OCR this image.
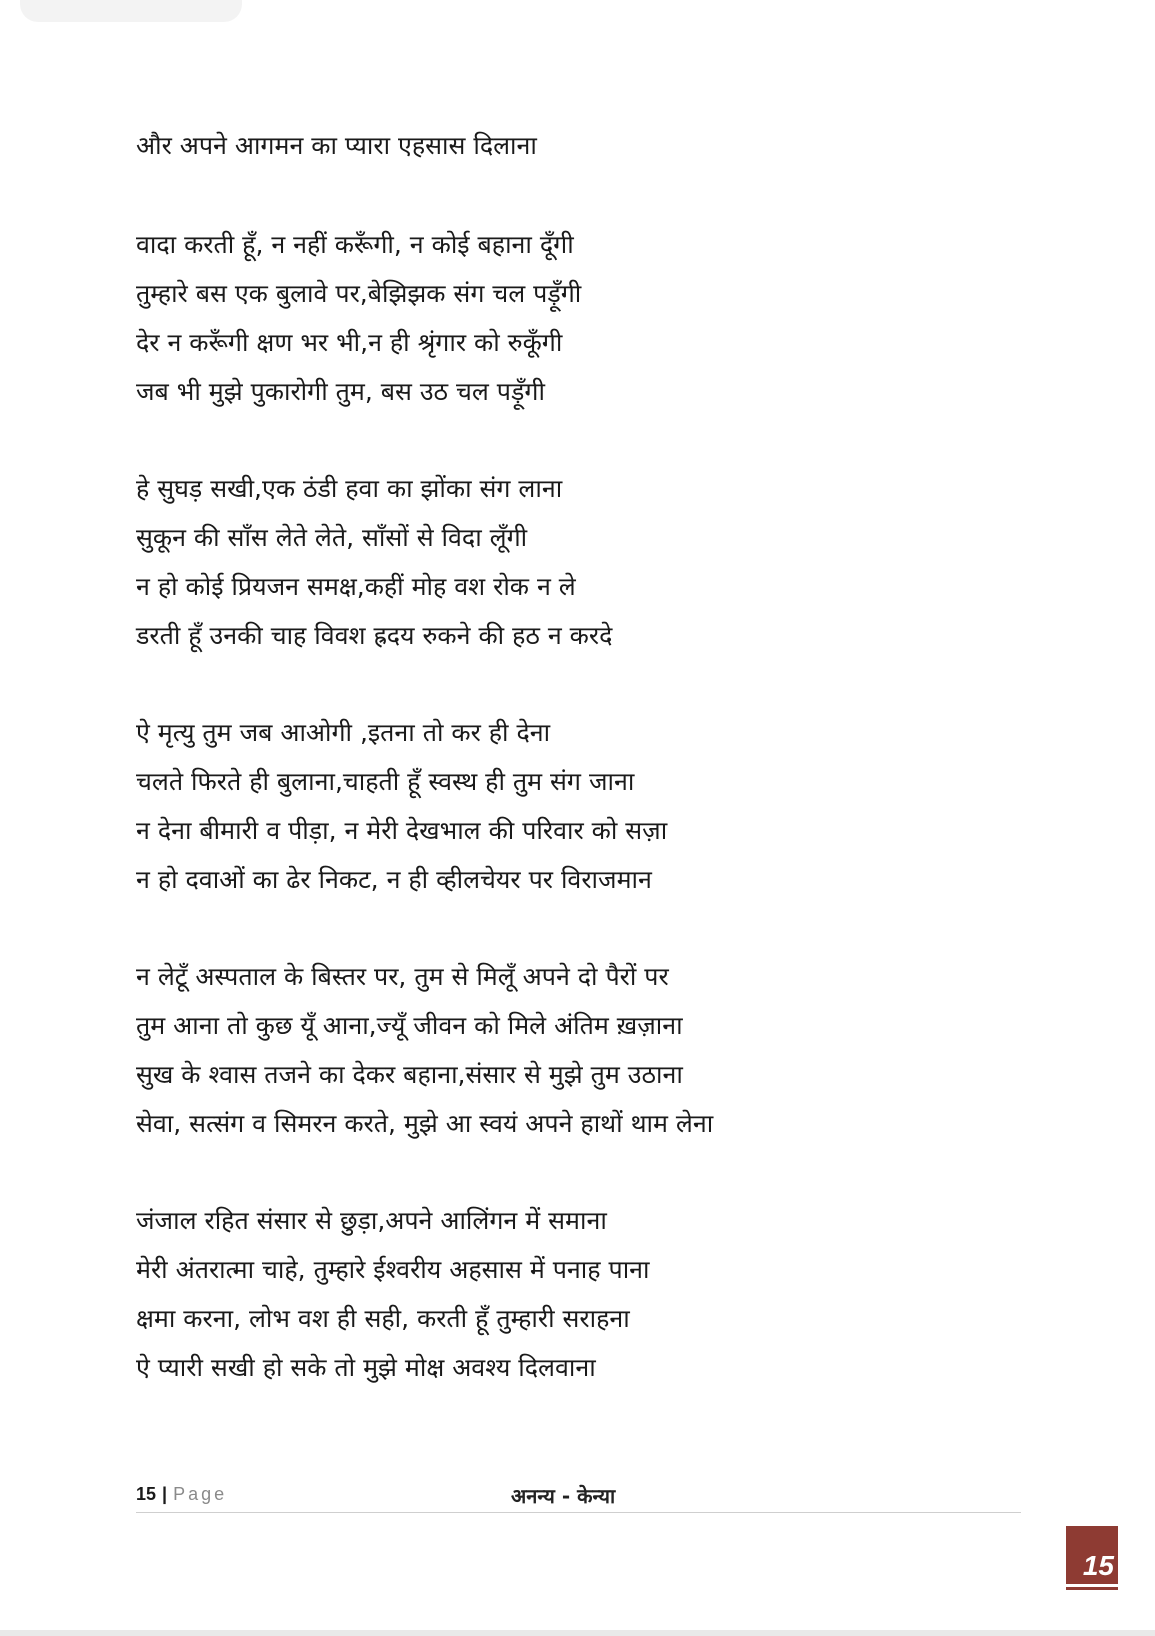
और अपने आगमन का प्यारा एहसास दिलाना
वादा करती हूँ, न नहीं करूँगी, न कोई बहाना दूँगी
तुम्हारे बस एक बुलावे पर,बेझिझक संग चल पड़ूँगी
देर न करूँगी क्षण भर भी,न ही श्रृंगार को रुकूँगी
जब भी मुझे पुकारोगी तुम, बस उठ चल पड़ूँगी
हे सुघड़ सखी,एक ठंडी हवा का झोंका संग लाना
सुकून की साँस लेते लेते, साँसों से विदा लूँगी
न हो कोई प्रियजन समक्ष,कहीं मोह वश रोक न ले
डरती हूँ उनकी चाह विवश ह्रदय रुकने की हठ न करदे
ऐ मृत्यु तुम जब आओगी ,इतना तो कर ही देना
चलते फिरते ही बुलाना,चाहती हूँ स्वस्थ ही तुम संग जाना
न देना बीमारी व पीड़ा, न मेरी देखभाल की परिवार को सज़ा
न हो दवाओं का ढेर निकट, न ही व्हीलचेयर पर विराजमान
न लेटूँ अस्पताल के बिस्तर पर, तुम से मिलूँ अपने दो पैरों पर
तुम आना तो कुछ यूँ आना,ज्यूँ जीवन को मिले अंतिम ख़ज़ाना
सुख के श्वास तजने का देकर बहाना,संसार से मुझे तुम उठाना
सेवा, सत्संग व सिमरन करते, मुझे आ स्वयं अपने हाथों थाम लेना
जंजाल रहित संसार से छुड़ा,अपने आलिंगन में समाना
मेरी अंतरात्मा चाहे, तुम्हारे ईश्वरीय अहसास में पनाह पाना
क्षमा करना, लोभ वश ही सही, करती हूँ तुम्हारी सराहना
ऐ प्यारी सखी हो सके तो मुझे मोक्ष अवश्य दिलवाना
15 | Page	अनन्य - केन्या
15
